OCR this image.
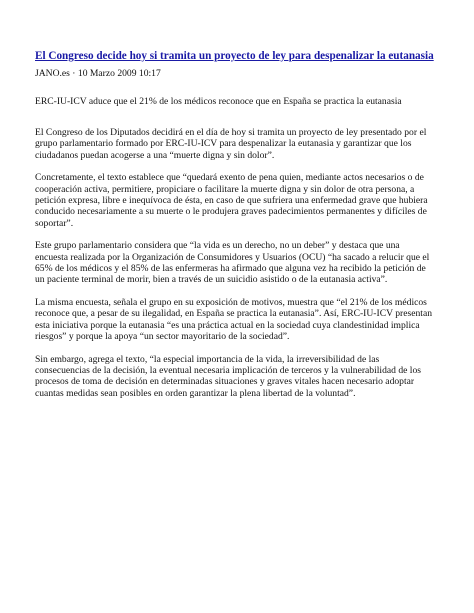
El Congreso decide hoy si tramita un proyecto de ley para despenalizar la eutanasia

JANO.es · 10 Marzo 2009 10:17

ERC-IU-ICV aduce que el 21% de los médicos reconoce que en España se practica la eutanasia

El Congreso de los Diputados decidirá en el día de hoy si tramita un proyecto de ley presentado por el grupo parlamentario formado por ERC-IU-ICV para despenalizar la eutanasia y garantizar que los ciudadanos puedan acogerse a una “muerte digna y sin dolor”.

Concretamente, el texto establece que “quedará exento de pena quien, mediante actos necesarios o de cooperación activa, permitiere, propiciare o facilitare la muerte digna y sin dolor de otra persona, a petición expresa, libre e inequívoca de ésta, en caso de que sufriera una enfermedad grave que hubiera conducido necesariamente a su muerte o le produjera graves padecimientos permanentes y difíciles de soportar”.

Este grupo parlamentario considera que “la vida es un derecho, no un deber” y destaca que una encuesta realizada por la Organización de Consumidores y Usuarios (OCU) “ha sacado a relucir que el 65% de los médicos y el 85% de las enfermeras ha afirmado que alguna vez ha recibido la petición de un paciente terminal de morir, bien a través de un suicidio asistido o de la eutanasia activa”.

La misma encuesta, señala el grupo en su exposición de motivos, muestra que “el 21% de los médicos reconoce que, a pesar de su ilegalidad, en España se practica la eutanasia”. Así, ERC-IU-ICV presentan esta iniciativa porque la eutanasia “es una práctica actual en la sociedad cuya clandestinidad implica riesgos” y porque la apoya “un sector mayoritario de la sociedad”.

Sin embargo, agrega el texto, “la especial importancia de la vida, la irreversibilidad de las consecuencias de la decisión, la eventual necesaria implicación de terceros y la vulnerabilidad de los procesos de toma de decisión en determinadas situaciones y graves vitales hacen necesario adoptar cuantas medidas sean posibles en orden garantizar la plena libertad de la voluntad”.
